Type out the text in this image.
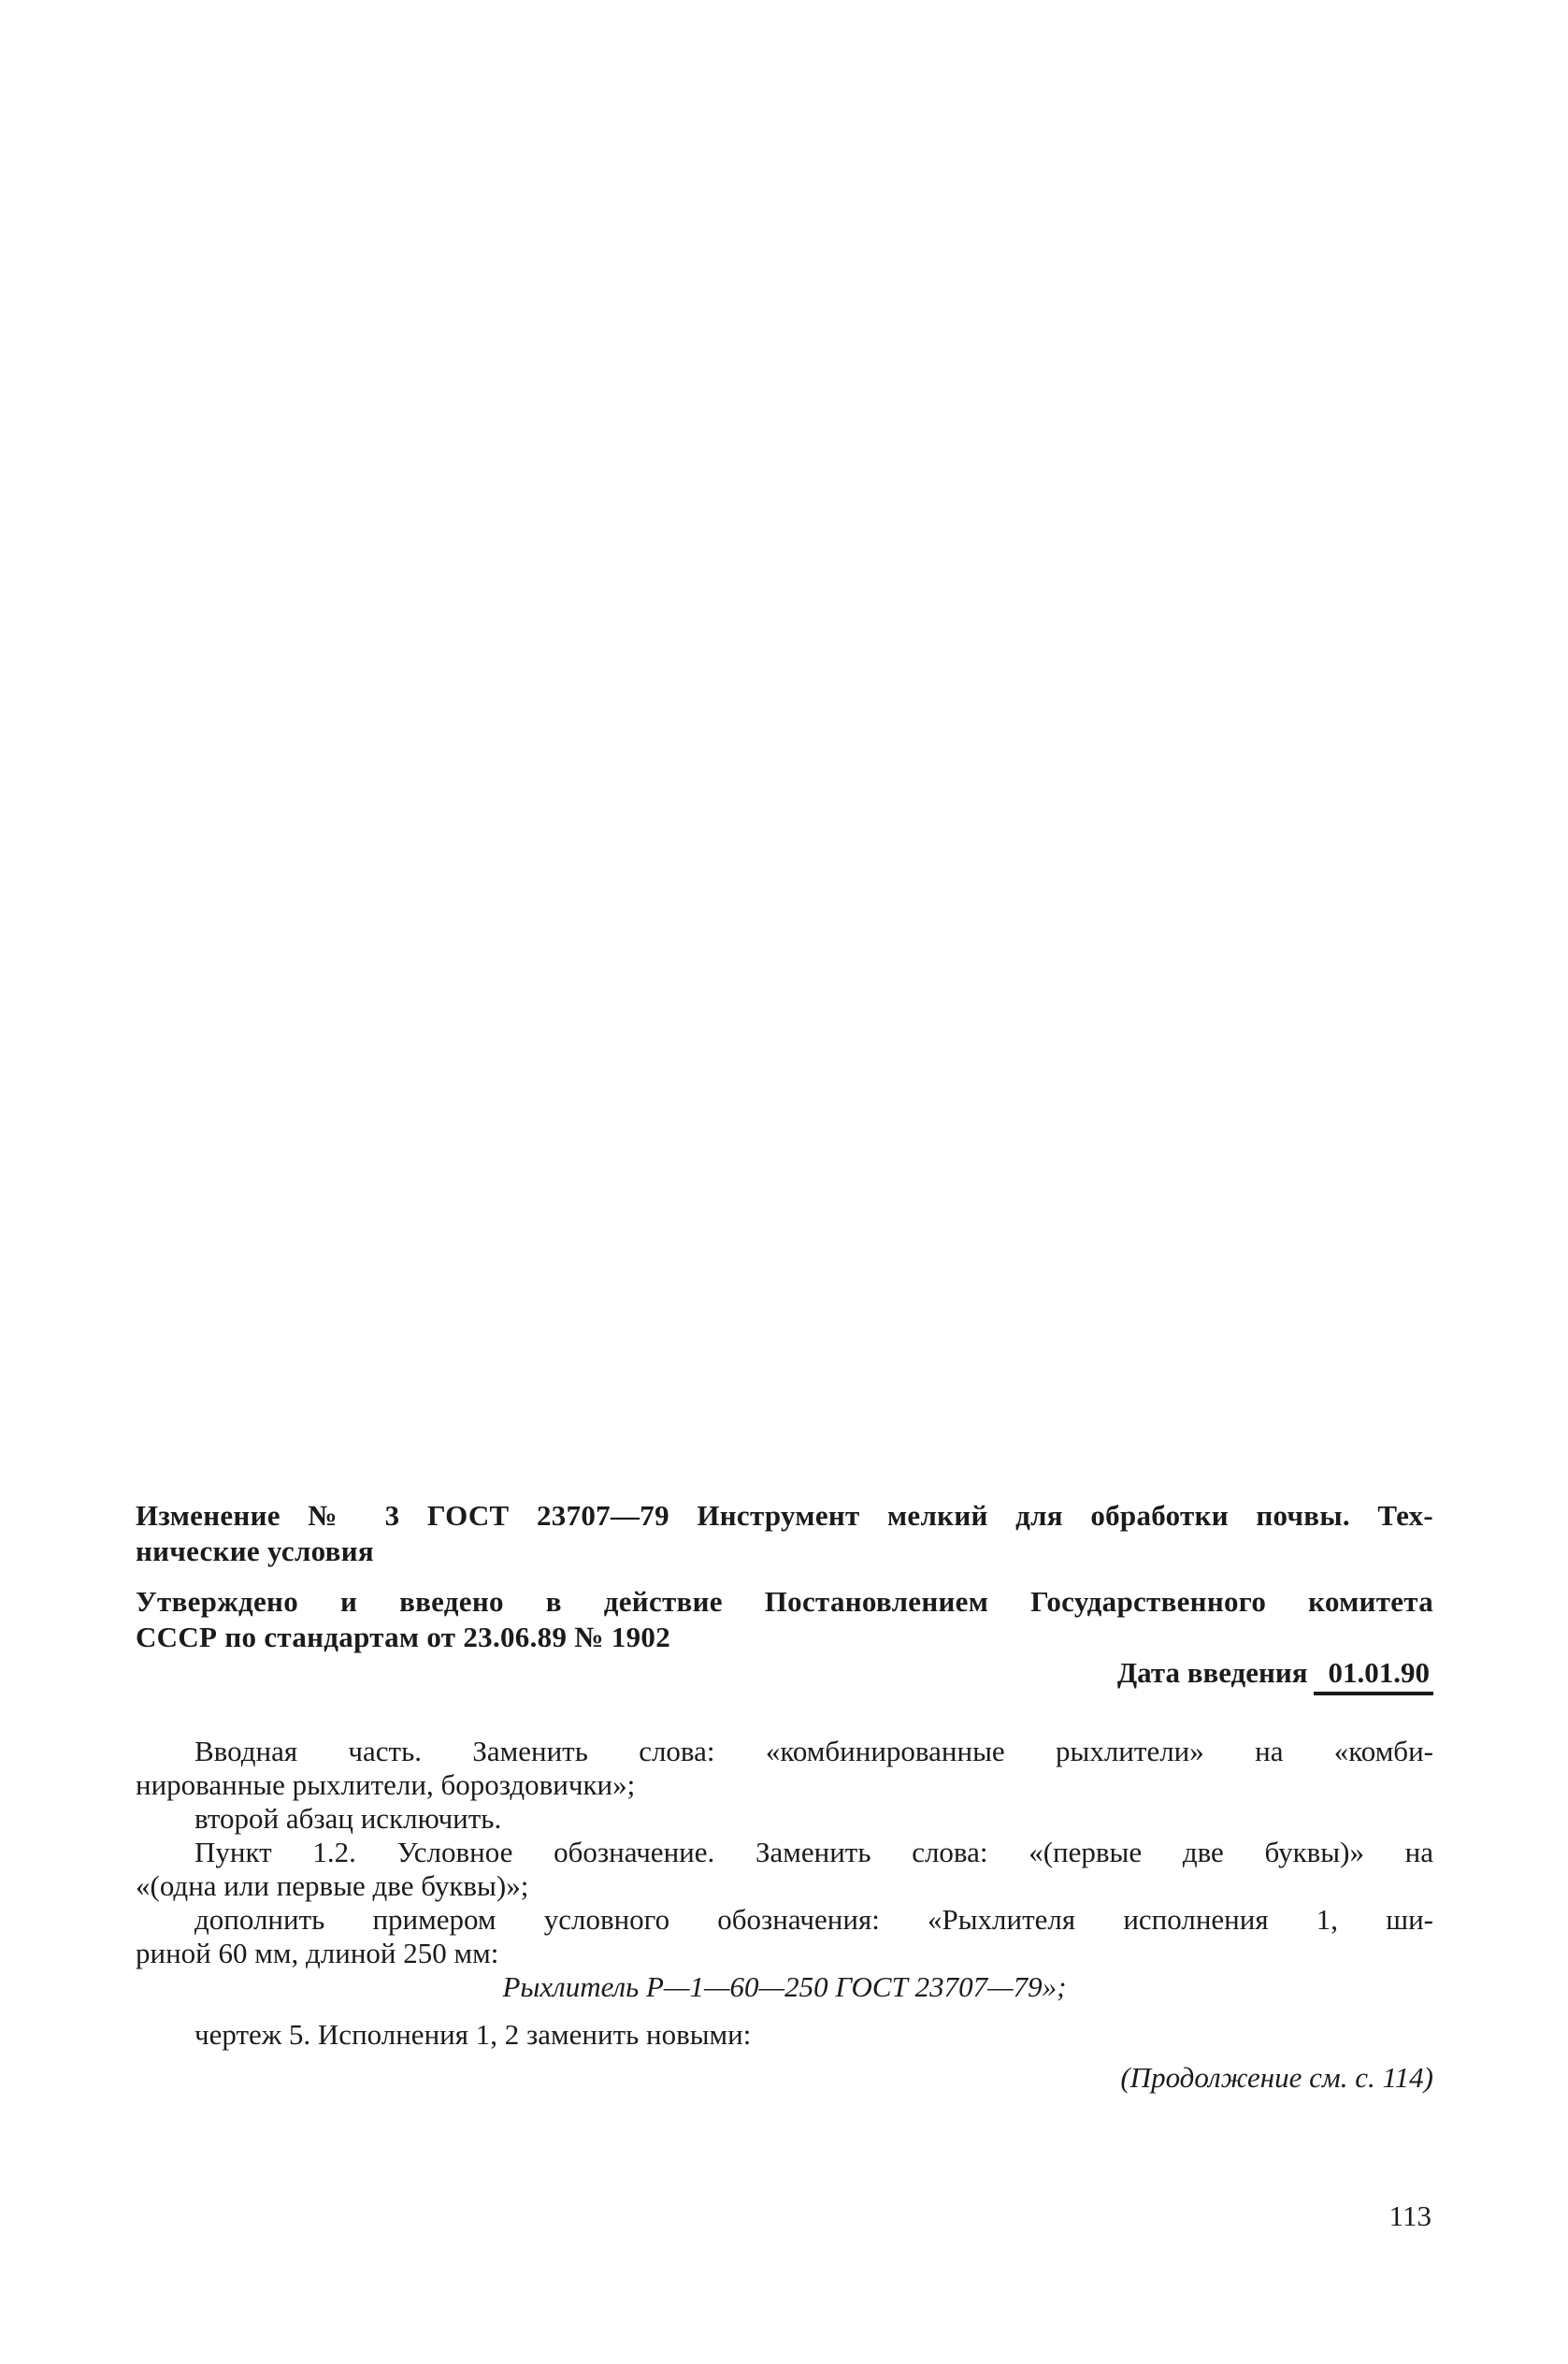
Изменение № 3 ГОСТ 23707—79 Инструмент мелкий для обработки почвы. Тех-
нические условия

Утверждено и введено в действие Постановлением Государственного комитета
СССР по стандартам от 23.06.89 № 1902

Дата введения 01.01.90

Вводная часть. Заменить слова: «комбинированные рыхлители» на «комби-
нированные рыхлители, бороздовички»;

второй абзац исключить.

Пункт 1.2. Условное обозначение. Заменить слова: «(первые две буквы)» на
«(одна или первые две буквы)»;

дополнить примером условного обозначения: «Рыхлителя исполнения 1, ши-
риной 60 мм, длиной 250 мм:

Рыхлитель Р—1—60—250 ГОСТ 23707—79»;

чертеж 5. Исполнения 1, 2 заменить новыми:

(Продолжение см. с. 114)

113
